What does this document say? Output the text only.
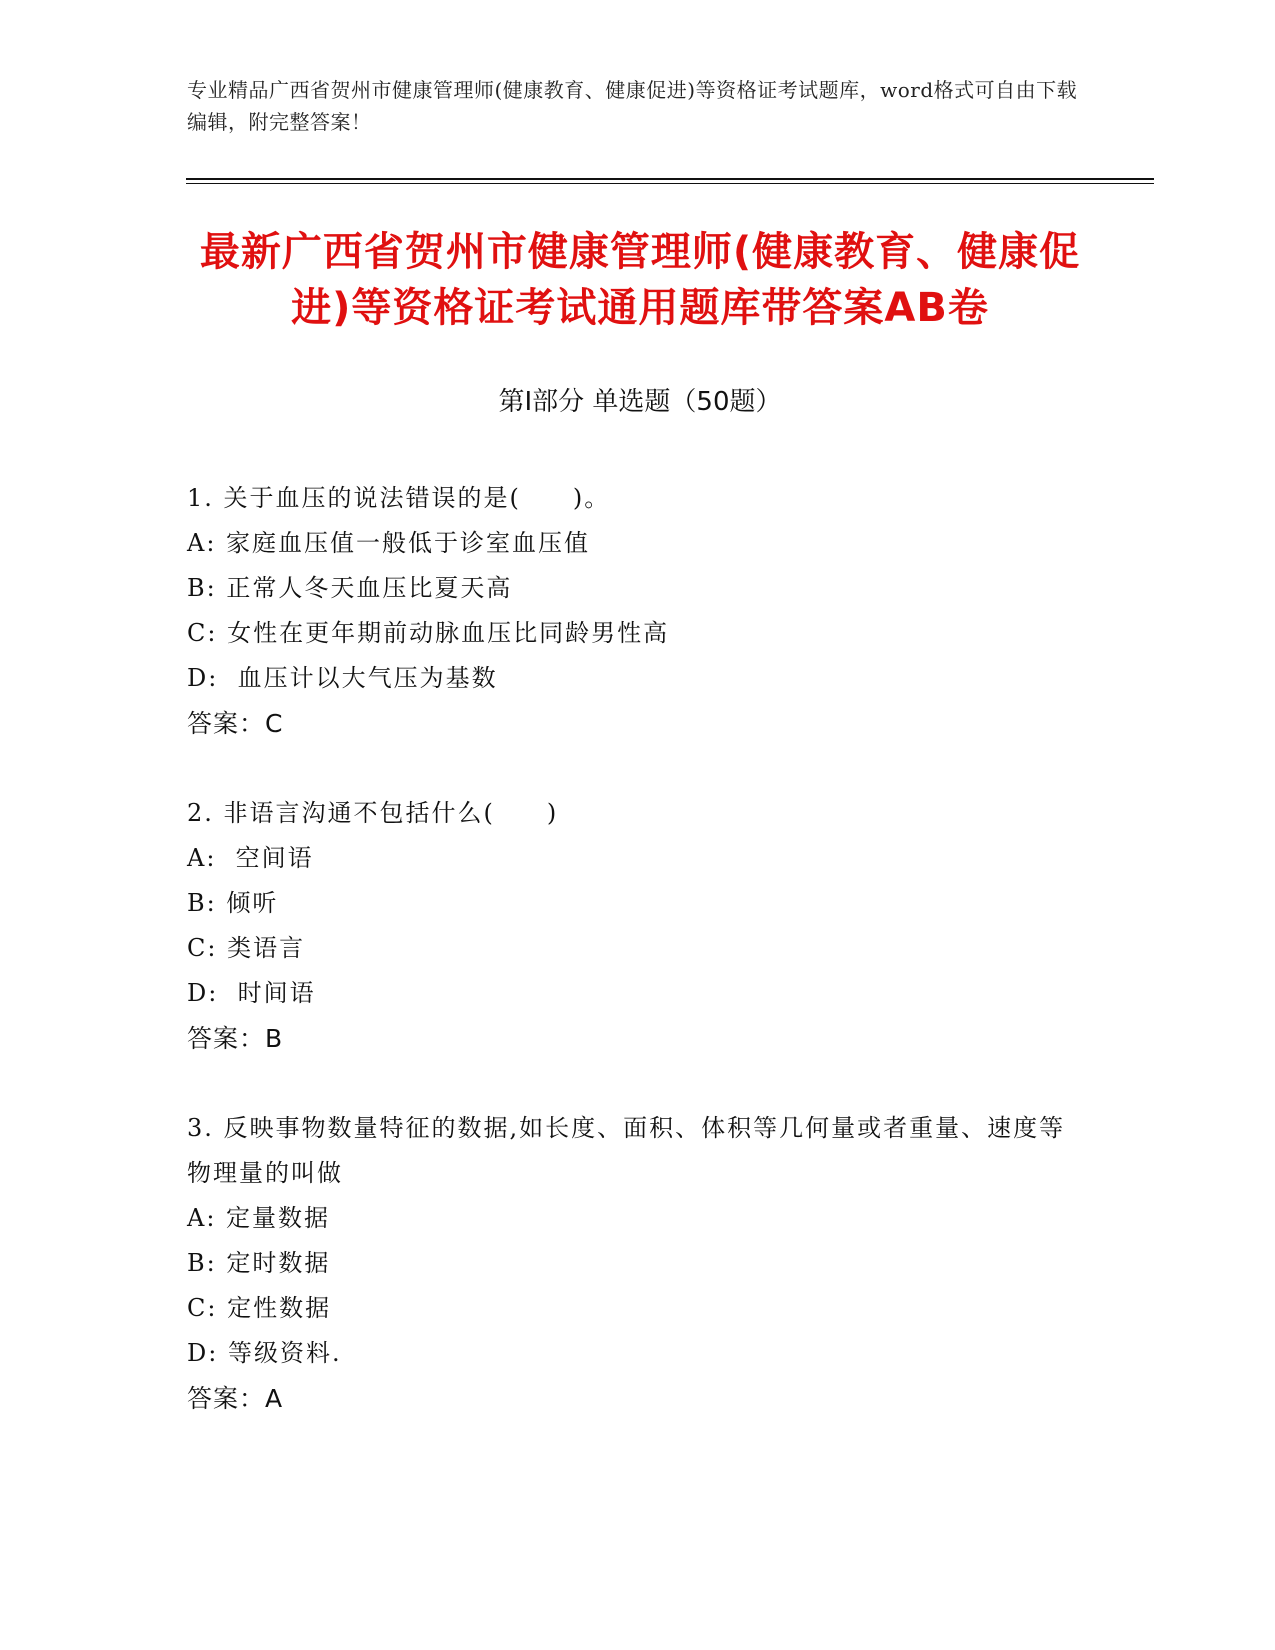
专业精品广西省贺州市健康管理师(健康教育、健康促进)等资格证考试题库，word格式可自由下载编辑，附完整答案！
最新广西省贺州市健康管理师(健康教育、健康促进)等资格证考试通用题库带答案AB卷
第Ⅰ部分 单选题（50题）
1. 关于血压的说法错误的是(　　)。
A: 家庭血压值一般低于诊室血压值
B: 正常人冬天血压比夏天高
C: 女性在更年期前动脉血压比同龄男性高
D:  血压计以大气压为基数
答案：C
2. 非语言沟通不包括什么(　　)
A:  空间语
B: 倾听
C: 类语言
D:  时间语
答案：B
3. 反映事物数量特征的数据,如长度、面积、体积等几何量或者重量、速度等物理量的叫做
A: 定量数据
B: 定时数据
C: 定性数据
D: 等级资料.
答案：A
